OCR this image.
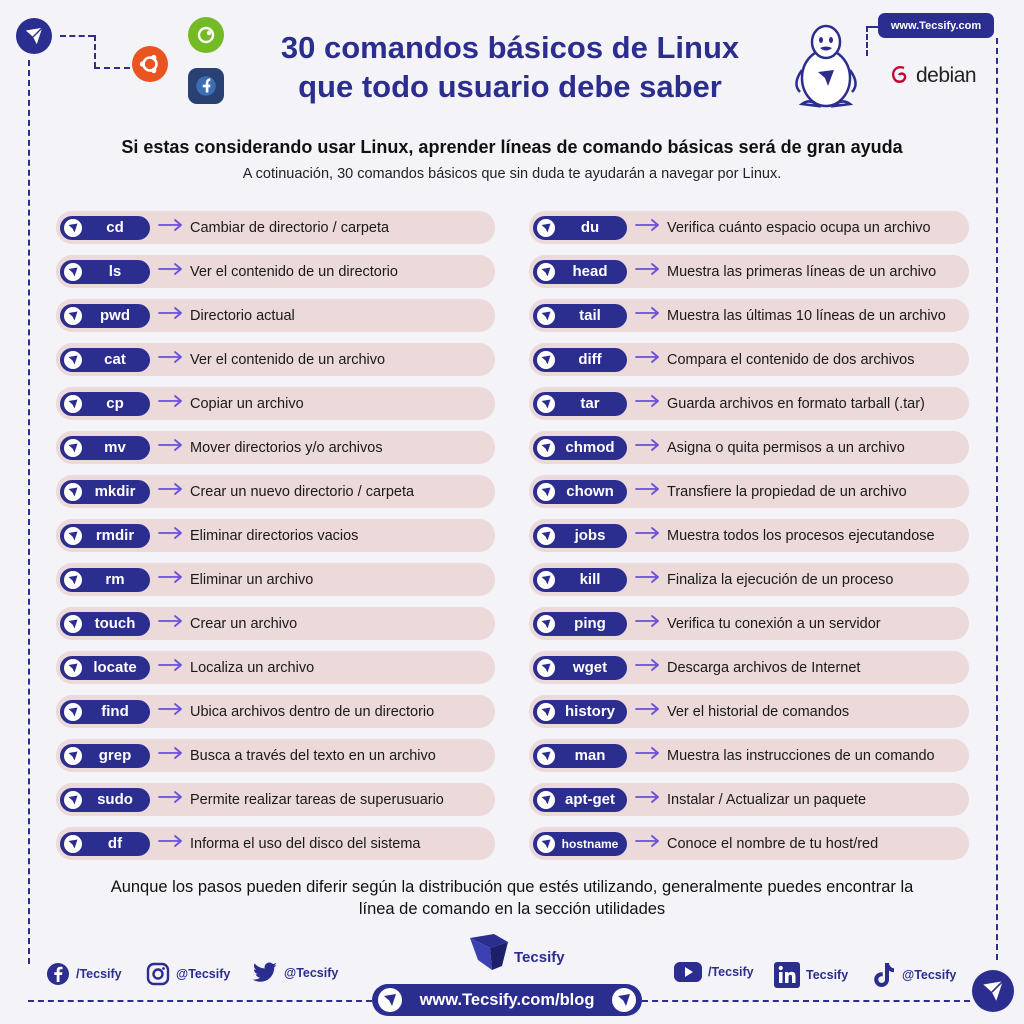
30 comandos básicos de Linux
que todo usuario debe saber
www.Tecsify.com
debian
Si estas considerando usar Linux, aprender líneas de comando básicas será de gran ayuda
A cotinuación, 30 comandos básicos que sin duda te ayudarán a navegar por Linux.
cd	Cambiar de directorio / carpeta
ls	Ver el contenido de un directorio
pwd	Directorio actual
cat	Ver el contenido de un archivo
cp	Copiar un archivo
mv	Mover directorios y/o archivos
mkdir	Crear un nuevo directorio / carpeta
rmdir	Eliminar directorios vacios
rm	Eliminar un archivo
touch	Crear un archivo
locate	Localiza un archivo
find	Ubica archivos dentro de un directorio
grep	Busca a través del texto en un archivo
sudo	Permite realizar tareas de superusuario
df	Informa el uso del disco del sistema
du	Verifica cuánto espacio ocupa un archivo
head	Muestra las primeras líneas de un archivo
tail	Muestra las últimas 10 líneas de un archivo
diff	Compara el contenido de dos archivos
tar	Guarda archivos en formato tarball (.tar)
chmod	Asigna o quita permisos a un archivo
chown	Transfiere la propiedad de un archivo
jobs	Muestra todos los procesos ejecutandose
kill	Finaliza la ejecución de un proceso
ping	Verifica tu conexión a un servidor
wget	Descarga archivos de Internet
history	Ver el historial de comandos
man	Muestra las instrucciones de un comando
apt-get	Instalar / Actualizar un paquete
hostname	Conoce el nombre de tu host/red
Aunque los pasos pueden diferir según la distribución que estés utilizando, generalmente puedes encontrar la
línea de comando en la sección utilidades
Tecsify
/Tecsify	@Tecsify	@Tecsify	/Tecsify	Tecsify	@Tecsify
www.Tecsify.com/blog
